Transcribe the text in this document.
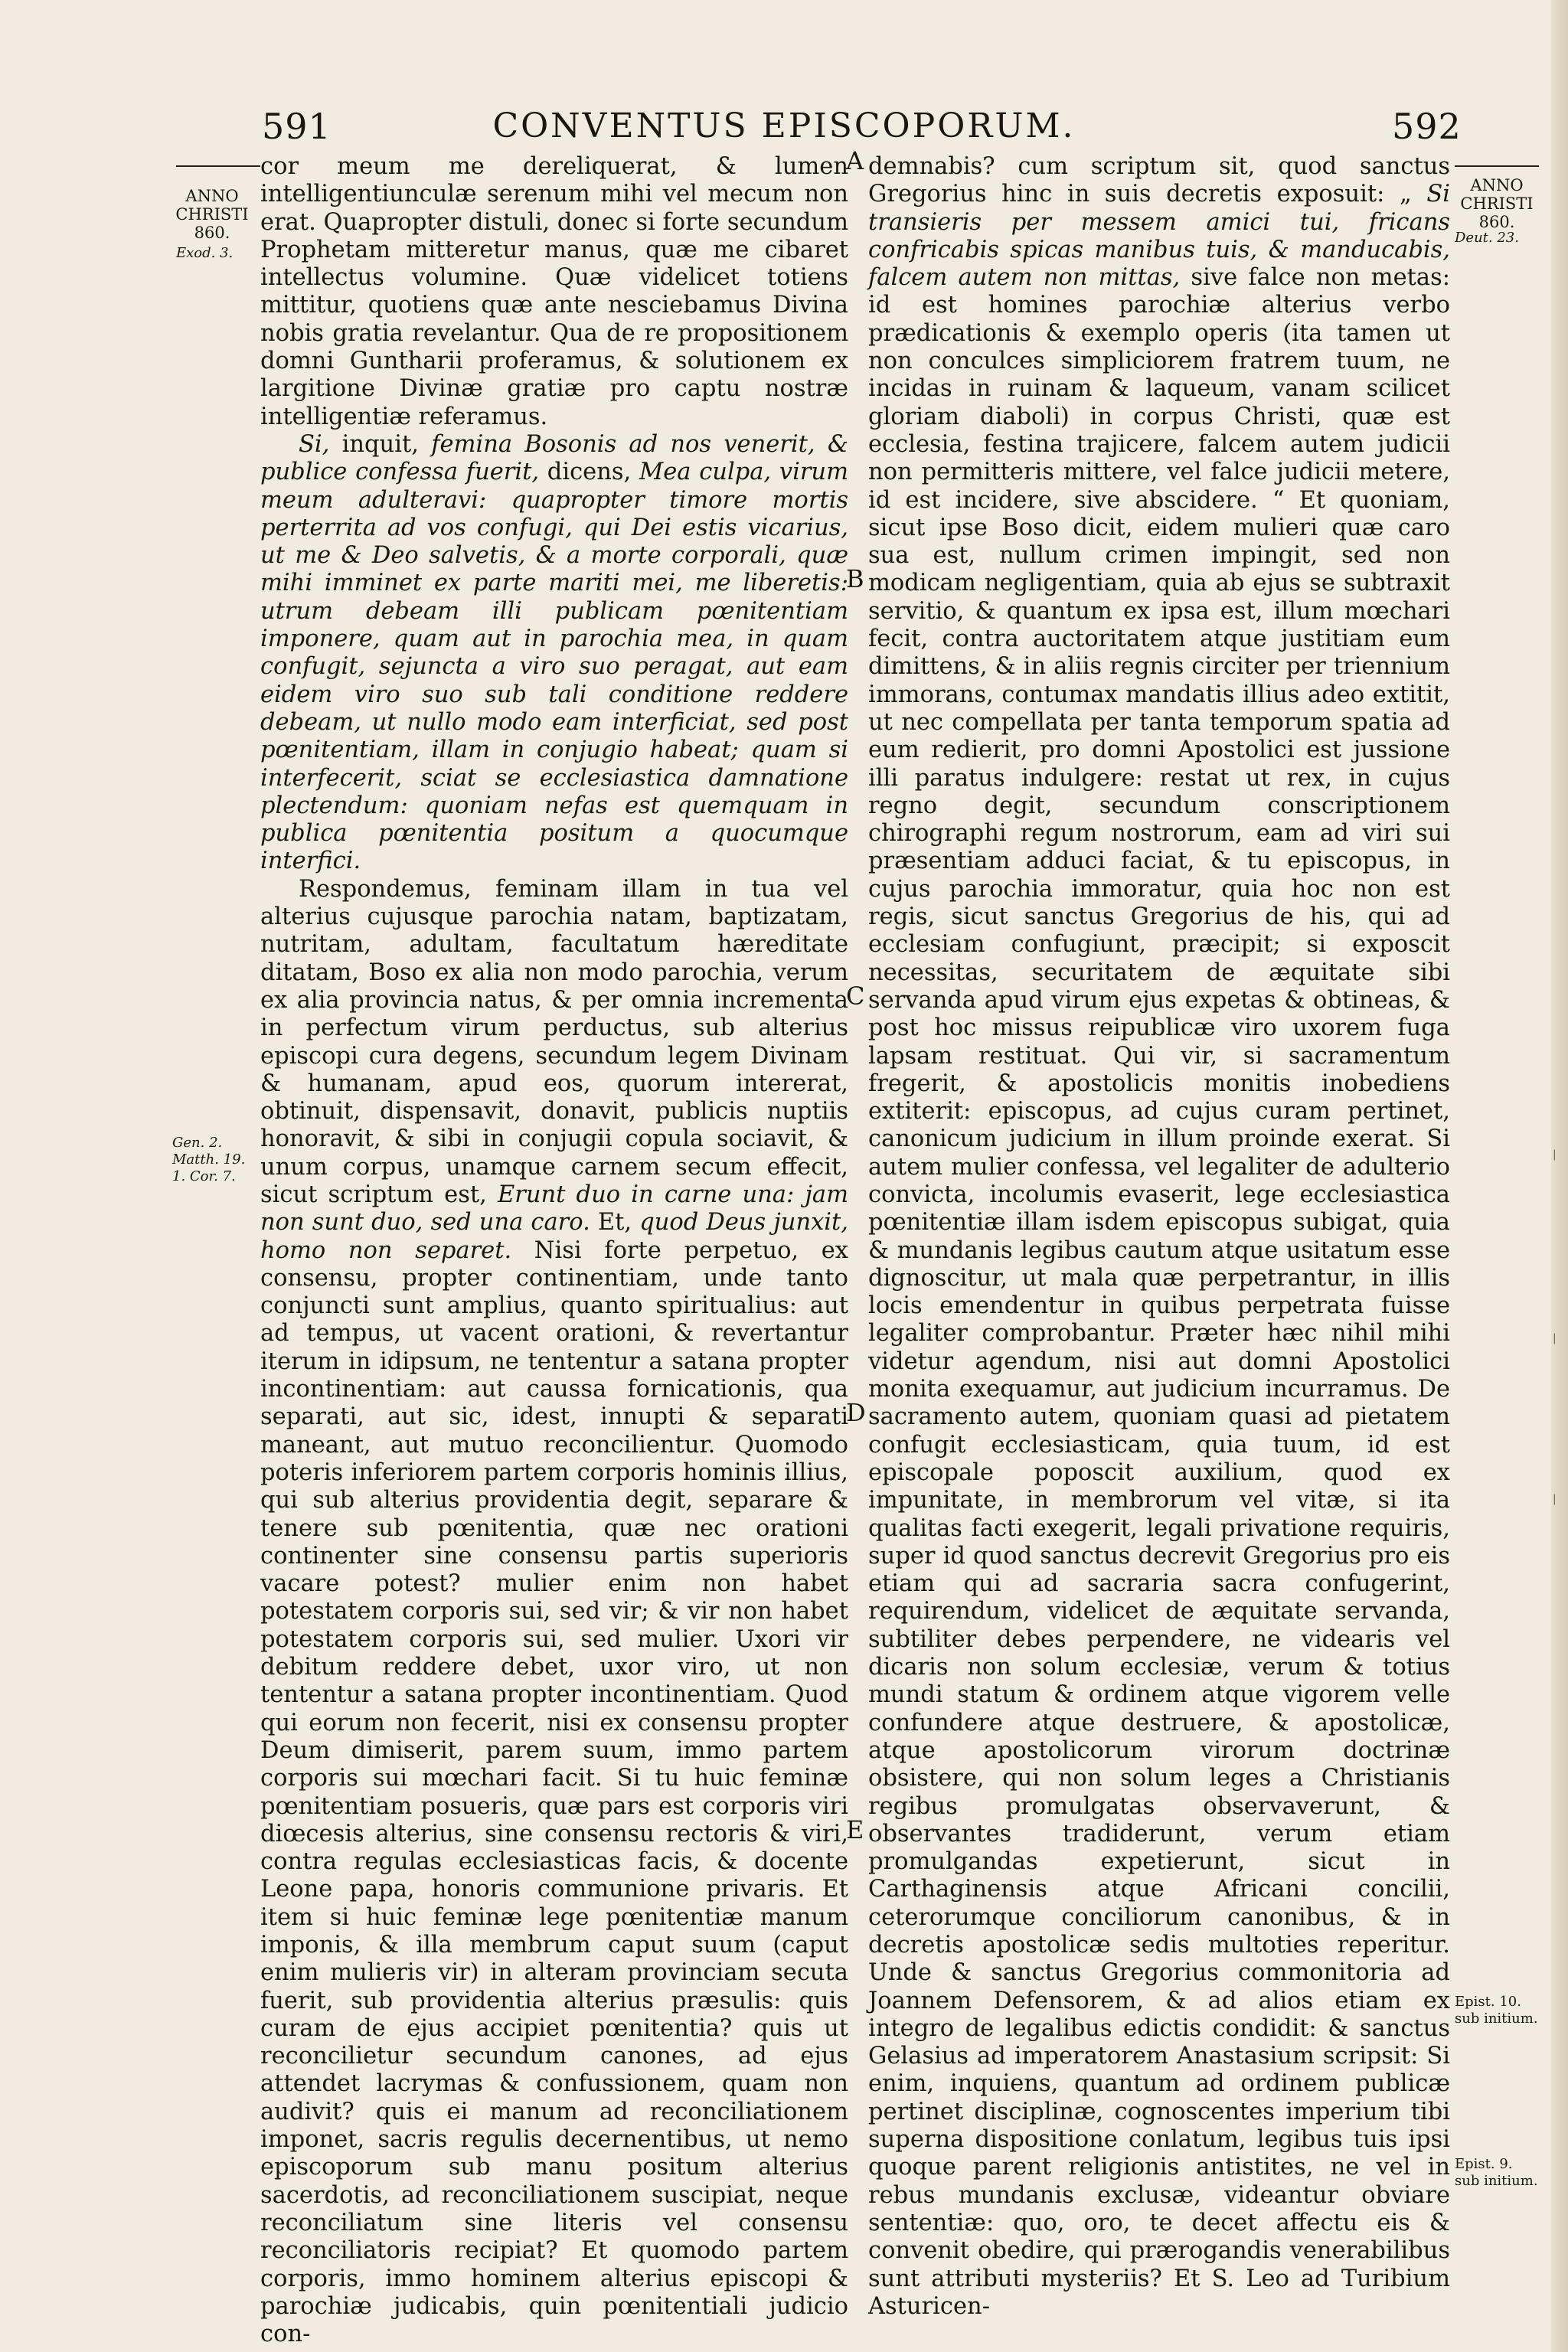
591	CONVENTUS EPISCOPORUM.	592
ANNO
CHRISTI
860.
Exod. 3.
Gen. 2.
Matth. 19.
1. Cor. 7.
ANNO
CHRISTI
860.
Deut. 23.
Epist. 10.
sub initium.
Epist. 9.
sub initium.
A
B
C
D
E

cor meum me dereliquerat, & lumen intelligentiunculæ serenum mihi vel mecum non erat. Quapropter distuli, donec si forte secundum Prophetam mitteretur manus, quæ me cibaret intellectus volumine. Quæ videlicet totiens mittitur, quotiens quæ ante nesciebamus Divina nobis gratia revelantur. Qua de re propositionem domni Guntharii proferamus, & solutionem ex largitione Divinæ gratiæ pro captu nostræ intelligentiæ referamus.

Si, inquit, femina Bosonis ad nos venerit, & publice confessa fuerit, dicens, Mea culpa, virum meum adulteravi: quapropter timore mortis perterrita ad vos confugi, qui Dei estis vicarius, ut me & Deo salvetis, & a morte corporali, quæ mihi imminet ex parte mariti mei, me liberetis: utrum debeam illi publicam pœnitentiam imponere, quam aut in parochia mea, in quam confugit, sejuncta a viro suo peragat, aut eam eidem viro suo sub tali conditione reddere debeam, ut nullo modo eam interficiat, sed post pœnitentiam, illam in conjugio habeat; quam si interfecerit, sciat se ecclesiastica damnatione plectendum: quoniam nefas est quemquam in publica pœnitentia positum a quocumque interfici.

Respondemus, feminam illam in tua vel alterius cujusque parochia natam, baptizatam, nutritam, adultam, facultatum hæreditate ditatam, Boso ex alia non modo parochia, verum ex alia provincia natus, & per omnia incrementa in perfectum virum perductus, sub alterius episcopi cura degens, secundum legem Divinam & humanam, apud eos, quorum intererat, obtinuit, dispensavit, donavit, publicis nuptiis honoravit, & sibi in conjugii copula sociavit, & unum corpus, unamque carnem secum effecit, sicut scriptum est, Erunt duo in carne una: jam non sunt duo, sed una caro. Et, quod Deus junxit, homo non separet. Nisi forte perpetuo, ex consensu, propter continentiam, unde tanto conjuncti sunt amplius, quanto spiritualius: aut ad tempus, ut vacent orationi, & revertantur iterum in idipsum, ne tententur a satana propter incontinentiam: aut caussa fornicationis, qua separati, aut sic, idest, innupti & separati maneant, aut mutuo reconcilientur. Quomodo poteris inferiorem partem corporis hominis illius, qui sub alterius providentia degit, separare & tenere sub pœnitentia, quæ nec orationi continenter sine consensu partis superioris vacare potest? mulier enim non habet potestatem corporis sui, sed vir; & vir non habet potestatem corporis sui, sed mulier. Uxori vir debitum reddere debet, uxor viro, ut non tententur a satana propter incontinentiam. Quod qui eorum non fecerit, nisi ex consensu propter Deum dimiserit, parem suum, immo partem corporis sui mœchari facit. Si tu huic feminæ pœnitentiam posueris, quæ pars est corporis viri diœcesis alterius, sine consensu rectoris & viri, contra regulas ecclesiasticas facis, & docente Leone papa, honoris communione privaris. Et item si huic feminæ lege pœnitentiæ manum imponis, & illa membrum caput suum (caput enim mulieris vir) in alteram provinciam secuta fuerit, sub providentia alterius præsulis: quis curam de ejus accipiet pœnitentia? quis ut reconcilietur secundum canones, ad ejus attendet lacrymas & confussionem, quam non audivit? quis ei manum ad reconciliationem imponet, sacris regulis decernentibus, ut nemo episcoporum sub manu positum alterius sacerdotis, ad reconciliationem suscipiat, neque reconciliatum sine literis vel consensu reconciliatoris recipiat? Et quomodo partem corporis, immo hominem alterius episcopi & parochiæ judicabis, quin pœnitentiali judicio con-

demnabis? cum scriptum sit, quod sanctus Gregorius hinc in suis decretis exposuit: „ Si transieris per messem amici tui, fricans confricabis spicas manibus tuis, & manducabis, falcem autem non mittas, sive falce non metas: id est homines parochiæ alterius verbo prædicationis & exemplo operis (ita tamen ut non conculces simpliciorem fratrem tuum, ne incidas in ruinam & laqueum, vanam scilicet gloriam diaboli) in corpus Christi, quæ est ecclesia, festina trajicere, falcem autem judicii non permitteris mittere, vel falce judicii metere, id est incidere, sive abscidere. “ Et quoniam, sicut ipse Boso dicit, eidem mulieri quæ caro sua est, nullum crimen impingit, sed non modicam negligentiam, quia ab ejus se subtraxit servitio, & quantum ex ipsa est, illum mœchari fecit, contra auctoritatem atque justitiam eum dimittens, & in aliis regnis circiter per triennium immorans, contumax mandatis illius adeo extitit, ut nec compellata per tanta temporum spatia ad eum redierit, pro domni Apostolici est jussione illi paratus indulgere: restat ut rex, in cujus regno degit, secundum conscriptionem chirographi regum nostrorum, eam ad viri sui præsentiam adduci faciat, & tu episcopus, in cujus parochia immoratur, quia hoc non est regis, sicut sanctus Gregorius de his, qui ad ecclesiam confugiunt, præcipit; si exposcit necessitas, securitatem de æquitate sibi servanda apud virum ejus expetas & obtineas, & post hoc missus reipublicæ viro uxorem fuga lapsam restituat. Qui vir, si sacramentum fregerit, & apostolicis monitis inobediens extiterit: episcopus, ad cujus curam pertinet, canonicum judicium in illum proinde exerat. Si autem mulier confessa, vel legaliter de adulterio convicta, incolumis evaserit, lege ecclesiastica pœnitentiæ illam isdem episcopus subigat, quia & mundanis legibus cautum atque usitatum esse dignoscitur, ut mala quæ perpetrantur, in illis locis emendentur in quibus perpetrata fuisse legaliter comprobantur. Præter hæc nihil mihi videtur agendum, nisi aut domni Apostolici monita exequamur, aut judicium incurramus. De sacramento autem, quoniam quasi ad pietatem confugit ecclesiasticam, quia tuum, id est episcopale poposcit auxilium, quod ex impunitate, in membrorum vel vitæ, si ita qualitas facti exegerit, legali privatione requiris, super id quod sanctus decrevit Gregorius pro eis etiam qui ad sacraria sacra confugerint, requirendum, videlicet de æquitate servanda, subtiliter debes perpendere, ne videaris vel dicaris non solum ecclesiæ, verum & totius mundi statum & ordinem atque vigorem velle confundere atque destruere, & apostolicæ, atque apostolicorum virorum doctrinæ obsistere, qui non solum leges a Christianis regibus promulgatas observaverunt, & observantes tradiderunt, verum etiam promulgandas expetierunt, sicut in Carthaginensis atque Africani concilii, ceterorumque conciliorum canonibus, & in decretis apostolicæ sedis multoties reperitur. Unde & sanctus Gregorius commonitoria ad Joannem Defensorem, & ad alios etiam ex integro de legalibus edictis condidit: & sanctus Gelasius ad imperatorem Anastasium scripsit: Si enim, inquiens, quantum ad ordinem publicæ pertinet disciplinæ, cognoscentes imperium tibi superna dispositione conlatum, legibus tuis ipsi quoque parent religionis antistites, ne vel in rebus mundanis exclusæ, videantur obviare sententiæ: quo, oro, te decet affectu eis & convenit obedire, qui prærogandis venerabilibus sunt attributi mysteriis? Et S. Leo ad Turibium Asturicen-

|
|
|
